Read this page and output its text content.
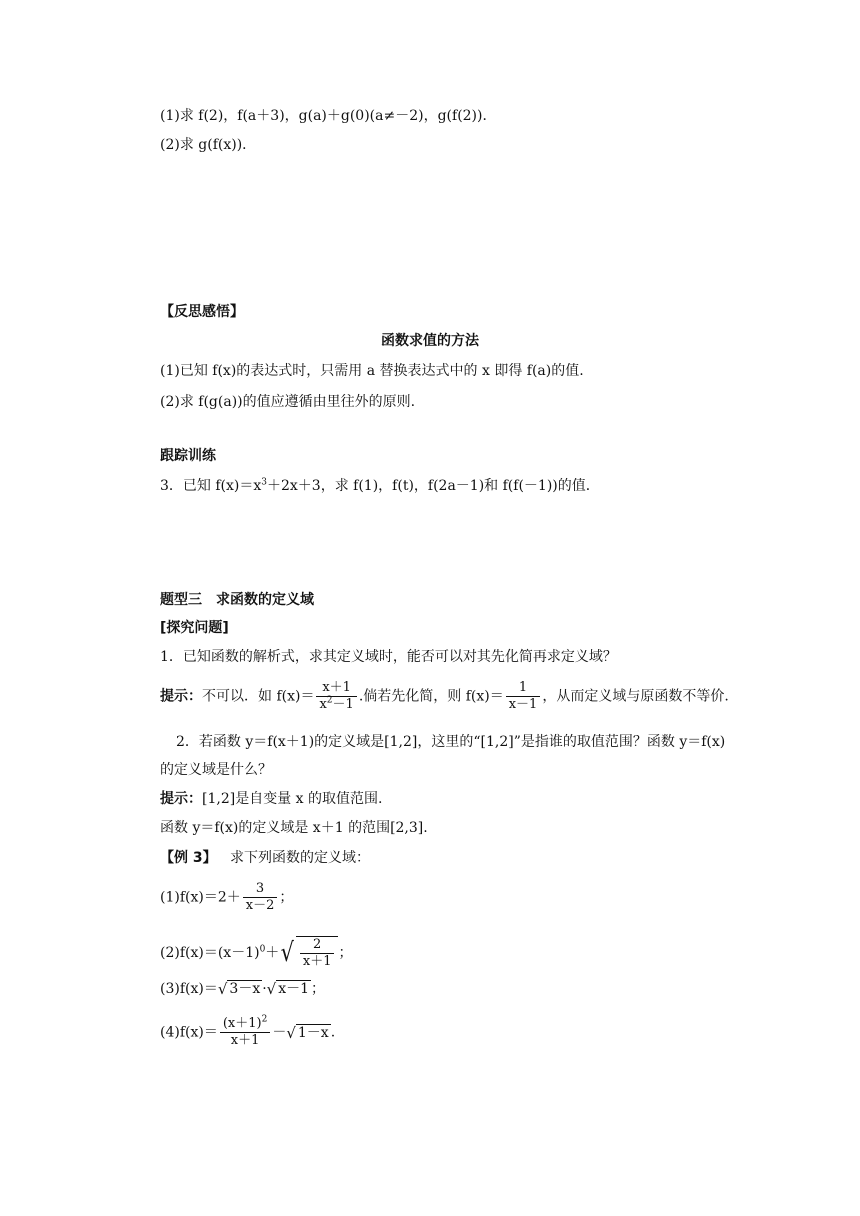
(1)求 f(2)，f(a＋3)，g(a)＋g(0)(a≠－2)，g(f(2))．
(2)求 g(f(x))．
【反思感悟】
函数求值的方法
(1)已知 f(x)的表达式时，只需用 a 替换表达式中的 x 即得 f(a)的值.
(2)求 f(g(a))的值应遵循由里往外的原则.
跟踪训练
3．已知 $f(x)=x^3+2x+3$，求 f(1)，f(t)，f(2a－1)和 f(f(－1))的值．
题型三　求函数的定义域
[探究问题]
1．已知函数的解析式，求其定义域时，能否可以对其先化简再求定义域？
提示：不可以．如 $f(x)= \frac{x+1}{x^2-1}$ .倘若先化简，则 $f(x)= \frac{1}{x-1}$ ，从而定义域与原函数不等价.
2．若函数 y＝f(x＋1)的定义域是[1,2]，这里的“[1,2]”是指谁的取值范围？函数 y＝f(x)
的定义域是什么？
提示：[1,2]是自变量 x 的取值范围.
函数 y＝f(x)的定义域是 x＋1 的范围[2,3].
【例 3】 求下列函数的定义域：
$(1)f(x)=2+ \frac{3}{x-2}$ ；
$(2)f(x)=(x-1)^0+$ √ $\frac{2}{x+1}$ ；
(3)f(x)＝ √ 3－x · √ x－1 ；
$(4)f(x)= \frac{(x+1)^2}{x+1}$ － √ 1－x .
